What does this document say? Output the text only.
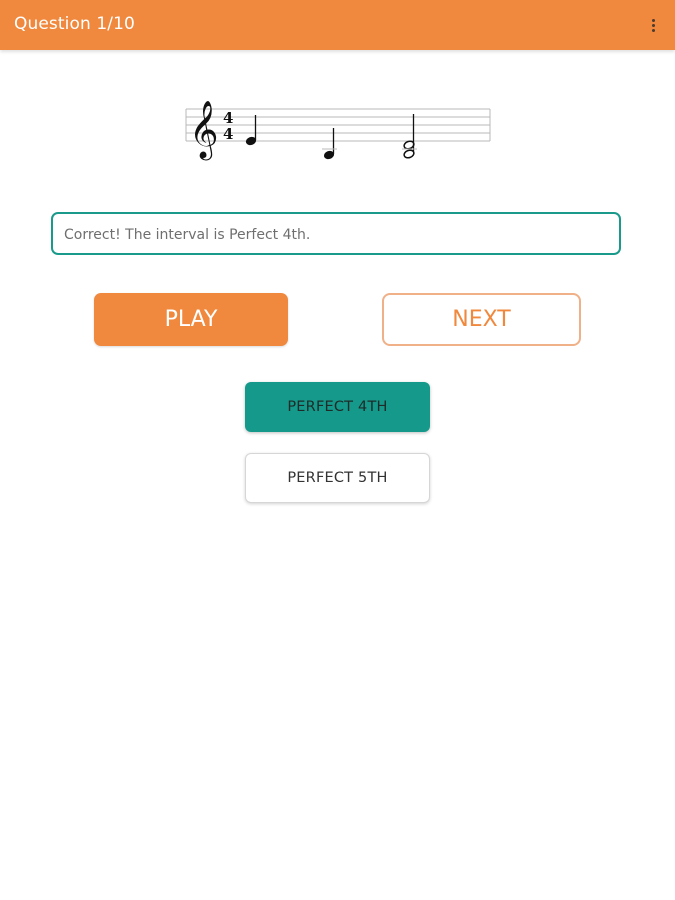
Question 1/10
𝄞 4
4
Correct! The interval is Perfect 4th.
PLAY	NEXT
PERFECT 4TH
PERFECT 5TH
